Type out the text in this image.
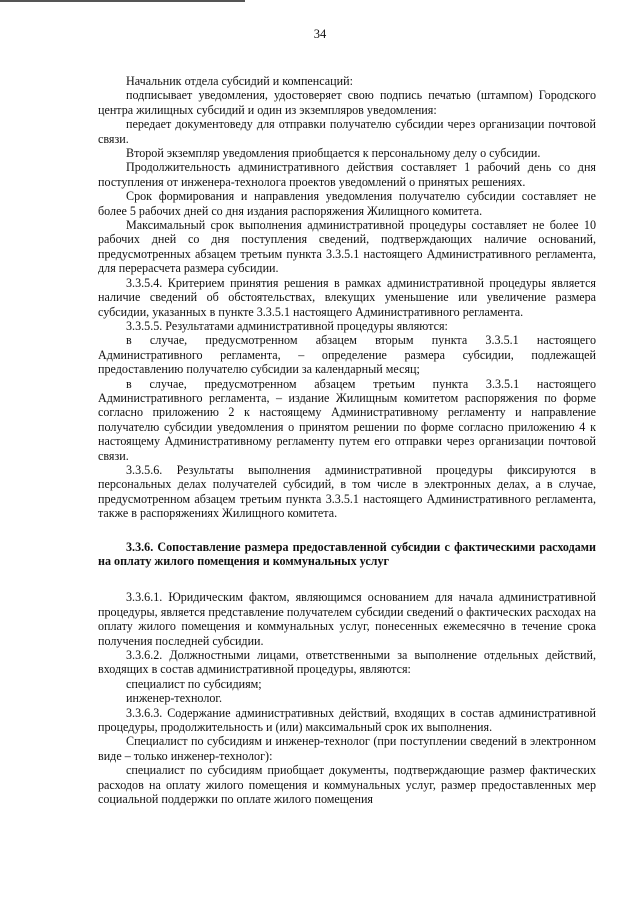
34

Начальник отдела субсидий и компенсаций:

подписывает уведомления, удостоверяет свою подпись печатью (штампом) Городского центра жилищных субсидий и один из экземпляров уведомления:

передает документоведу для отправки получателю субсидии через организации почтовой связи.

Второй экземпляр уведомления приобщается к персональному делу о субсидии.

Продолжительность административного действия составляет 1 рабочий день со дня поступления от инженера-технолога проектов уведомлений о принятых решениях.

Срок формирования и направления уведомления получателю субсидии составляет не более 5 рабочих дней со дня издания распоряжения Жилищного комитета.

Максимальный срок выполнения административной процедуры составляет не более 10 рабочих дней со дня поступления сведений, подтверждающих наличие оснований, предусмотренных абзацем третьим пункта 3.3.5.1 настоящего Административного регламента, для перерасчета размера субсидии.

3.3.5.4. Критерием принятия решения в рамках административной процедуры является наличие сведений об обстоятельствах, влекущих уменьшение или увеличение размера субсидии, указанных в пункте 3.3.5.1 настоящего Административного регламента.

3.3.5.5. Результатами административной процедуры являются:

в случае, предусмотренном абзацем вторым пункта 3.3.5.1 настоящего Административного регламента, – определение размера субсидии, подлежащей предоставлению получателю субсидии за календарный месяц;

в случае, предусмотренном абзацем третьим пункта 3.3.5.1 настоящего Административного регламента, – издание Жилищным комитетом распоряжения по форме согласно приложению 2 к настоящему Административному регламенту и направление получателю субсидии уведомления о принятом решении по форме согласно приложению 4 к настоящему Административному регламенту путем его отправки через организации почтовой связи.

3.3.5.6. Результаты выполнения административной процедуры фиксируются в персональных делах получателей субсидий, в том числе в электронных делах, а в случае, предусмотренном абзацем третьим пункта 3.3.5.1 настоящего Административного регламента, также в распоряжениях Жилищного комитета.

3.3.6. Сопоставление размера предоставленной субсидии с фактическими расходами на оплату жилого помещения и коммунальных услуг

3.3.6.1. Юридическим фактом, являющимся основанием для начала административной процедуры, является представление получателем субсидии сведений о фактических расходах на оплату жилого помещения и коммунальных услуг, понесенных ежемесячно в течение срока получения последней субсидии.

3.3.6.2. Должностными лицами, ответственными за выполнение отдельных действий, входящих в состав административной процедуры, являются:

специалист по субсидиям;

инженер-технолог.

3.3.6.3. Содержание административных действий, входящих в состав административной процедуры, продолжительность и (или) максимальный срок их выполнения.

Специалист по субсидиям и инженер-технолог (при поступлении сведений в электронном виде – только инженер-технолог):

специалист по субсидиям приобщает документы, подтверждающие размер фактических расходов на оплату жилого помещения и коммунальных услуг, размер предоставленных мер социальной поддержки по оплате жилого помещения
